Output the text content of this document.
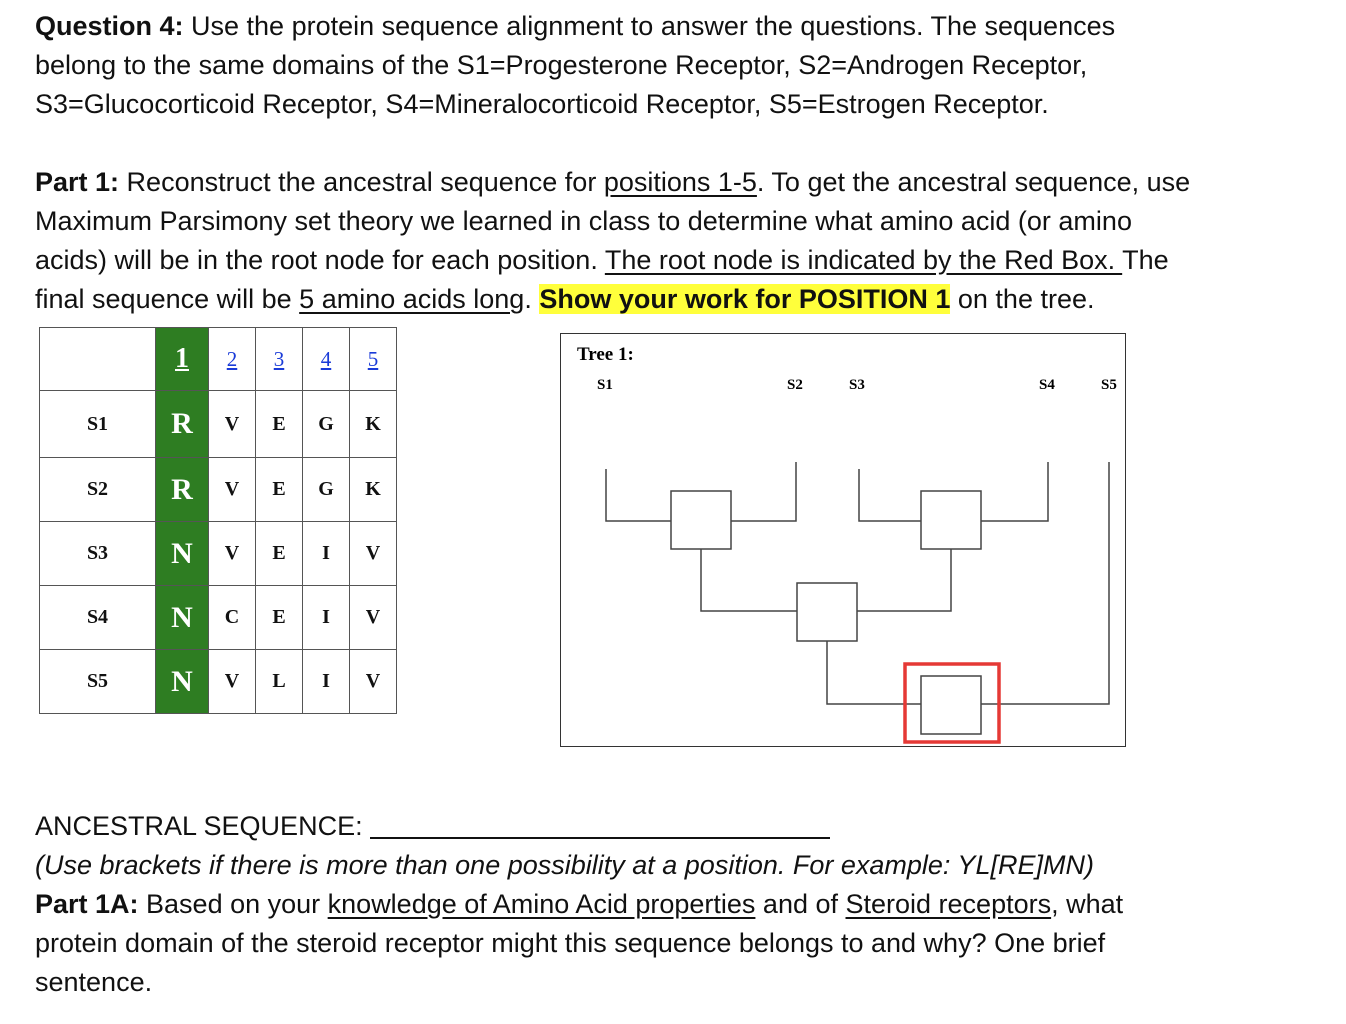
Question 4: Use the protein sequence alignment to answer the questions. The sequences
belong to the same domains of the S1=Progesterone Receptor, S2=Androgen Receptor,
S3=Glucocorticoid Receptor, S4=Mineralocorticoid Receptor, S5=Estrogen Receptor.
Part 1: Reconstruct the ancestral sequence for positions 1-5. To get the ancestral sequence, use
Maximum Parsimony set theory we learned in class to determine what amino acid (or amino
acids) will be in the root node for each position. The root node is indicated by the Red Box. The
final sequence will be 5 amino acids long. Show your work for POSITION 1 on the tree.
	1	2	3	4	5
S1	R	V	E	G	K
S2	R	V	E	G	K
S3	N	V	E	I	V
S4	N	C	E	I	V
S5	N	V	L	I	V
Tree 1:
S1	S2	S3	S4	S5
ANCESTRAL SEQUENCE:
(Use brackets if there is more than one possibility at a position. For example: YL[RE]MN)
Part 1A: Based on your knowledge of Amino Acid properties and of Steroid receptors, what
protein domain of the steroid receptor might this sequence belongs to and why? One brief
sentence.
